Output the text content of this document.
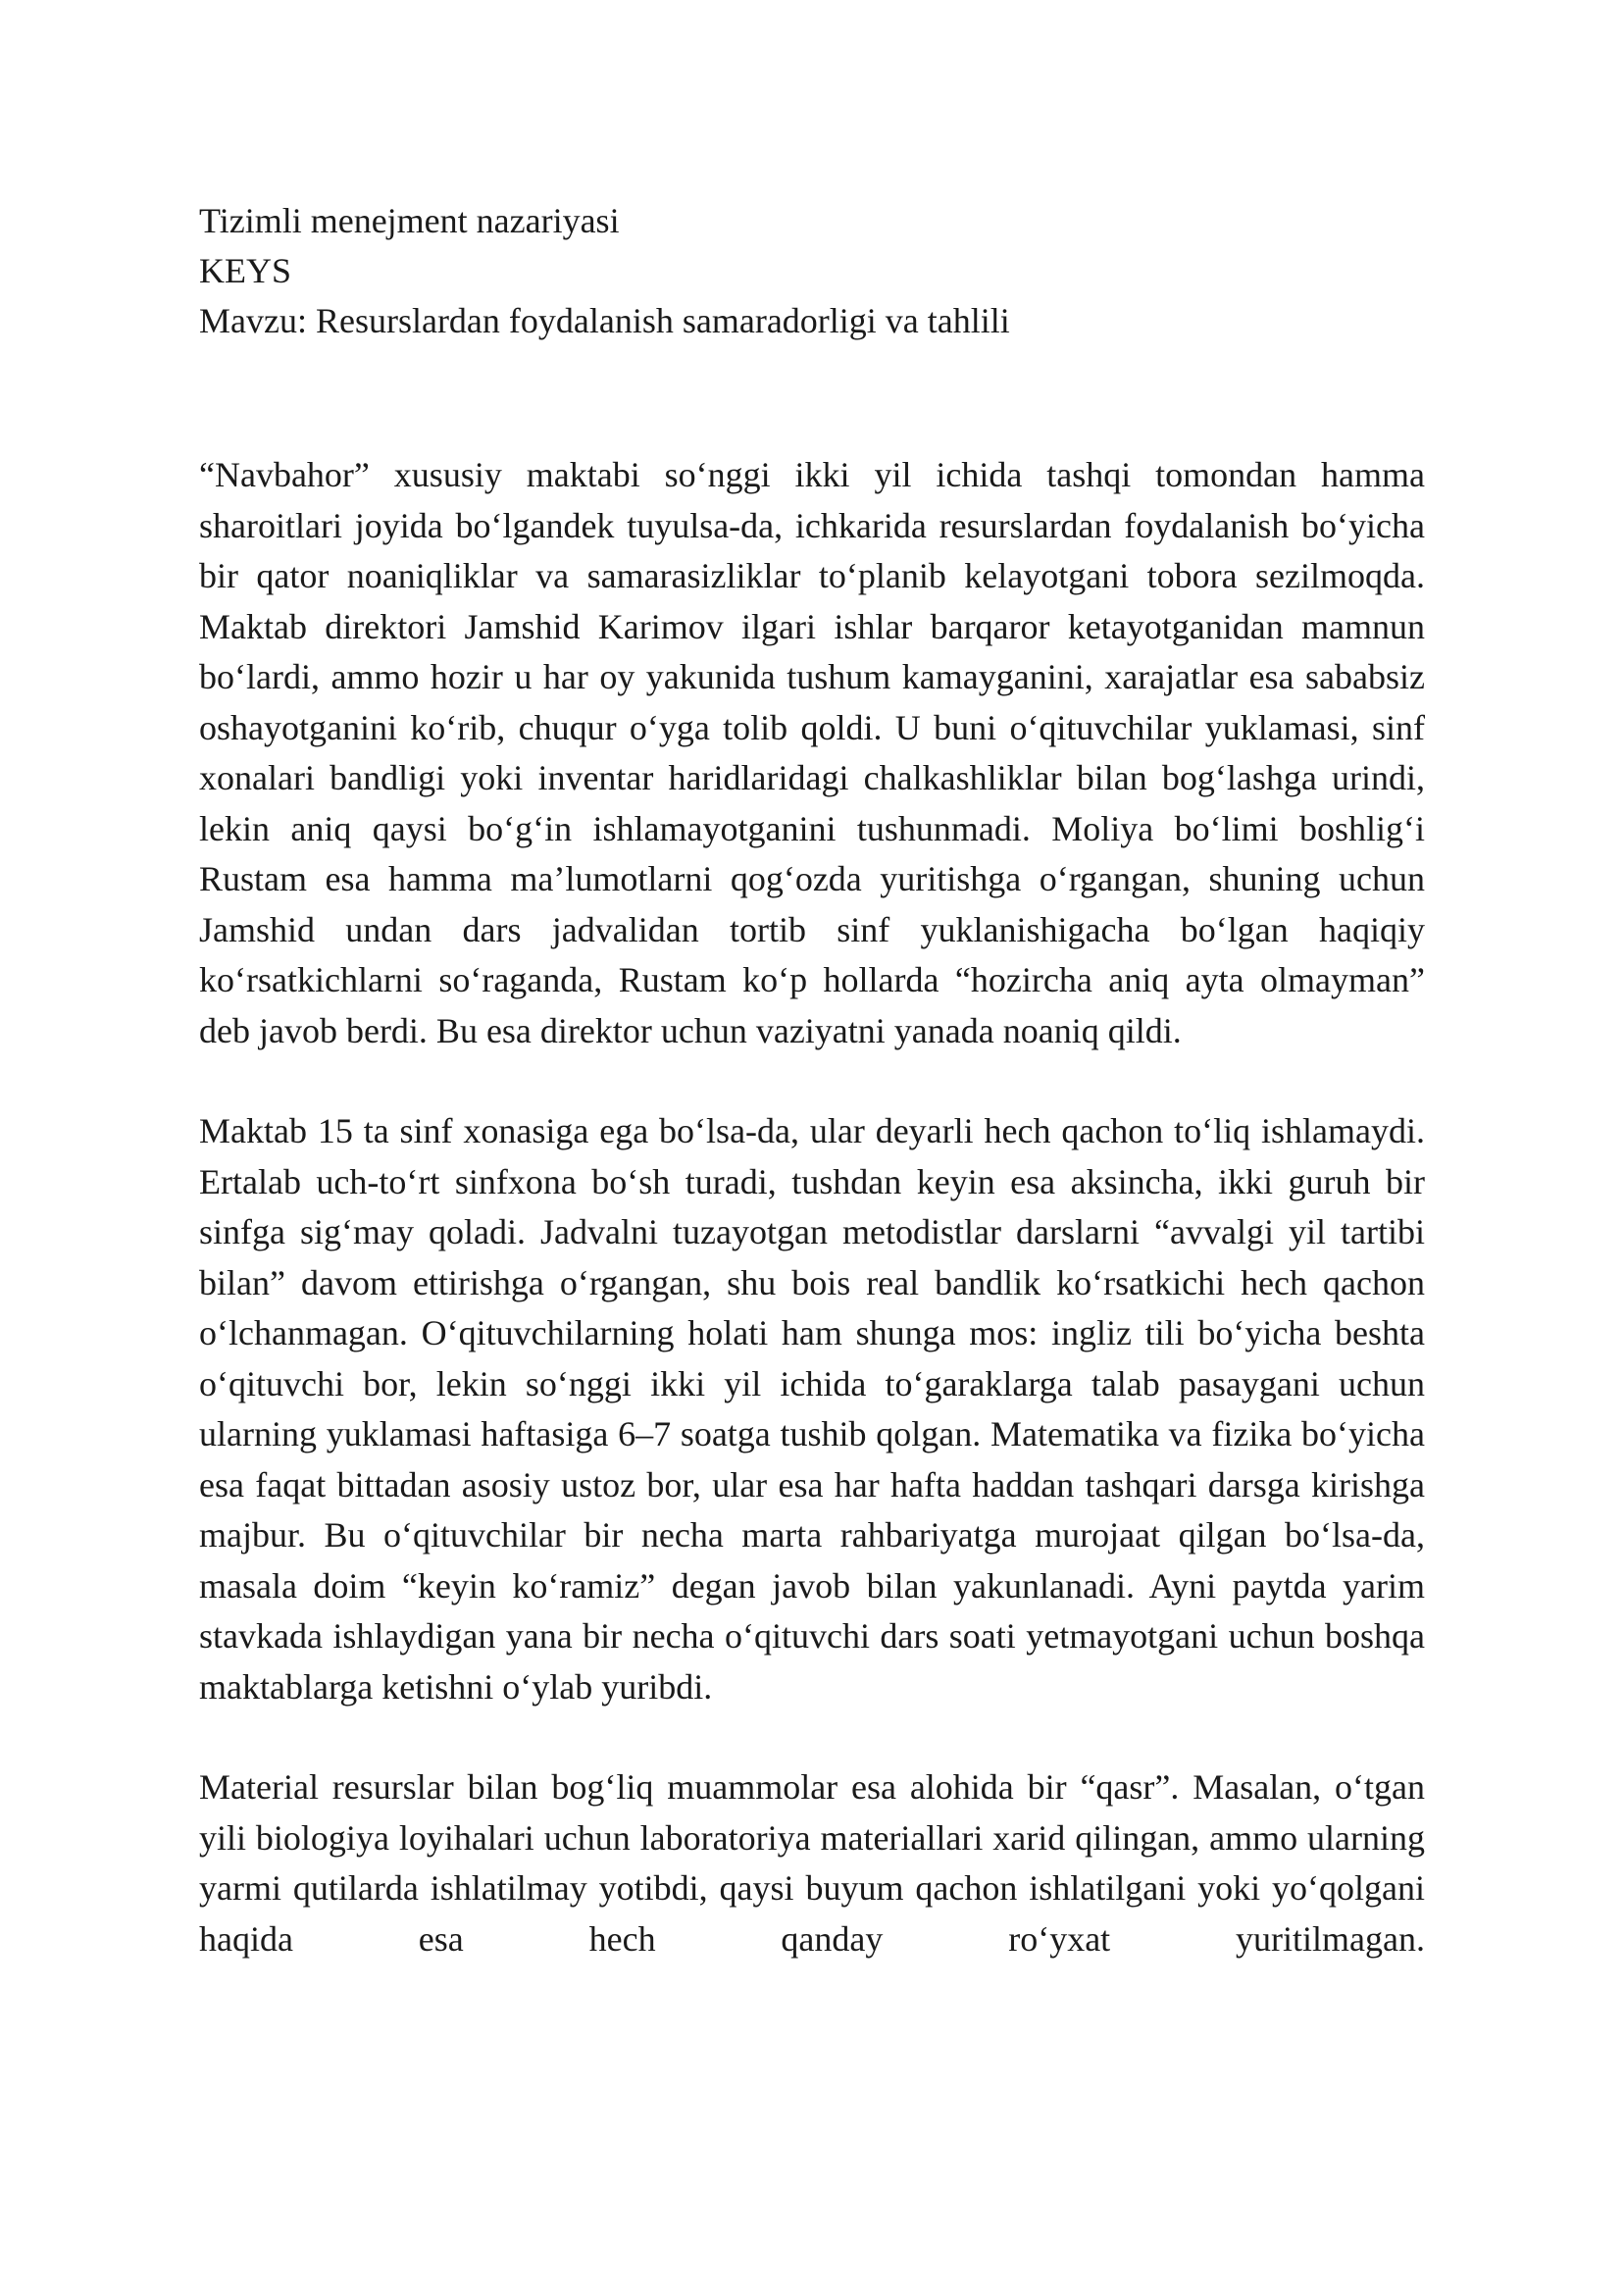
Tizimli menejment nazariyasi
KEYS
Mavzu: Resurslardan foydalanish samaradorligi va tahlili

“Navbahor” xususiy maktabi so‘nggi ikki yil ichida tashqi tomondan hamma sharoitlari joyida bo‘lgandek tuyulsa-da, ichkarida resurslardan foydalanish bo‘yicha bir qator noaniqliklar va samarasizliklar to‘planib kelayotgani tobora sezilmoqda. Maktab direktori Jamshid Karimov ilgari ishlar barqaror ketayotganidan mamnun bo‘lardi, ammo hozir u har oy yakunida tushum kamayganini, xarajatlar esa sababsiz oshayotganini ko‘rib, chuqur o‘yga tolib qoldi. U buni o‘qituvchilar yuklamasi, sinf xonalari bandligi yoki inventar haridlaridagi chalkashliklar bilan bog‘lashga urindi, lekin aniq qaysi bo‘g‘in ishlamayotganini tushunmadi. Moliya bo‘limi boshlig‘i Rustam esa hamma ma’lumotlarni qog‘ozda yuritishga o‘rgangan, shuning uchun Jamshid undan dars jadvalidan tortib sinf yuklanishigacha bo‘lgan haqiqiy ko‘rsatkichlarni so‘raganda, Rustam ko‘p hollarda “hozircha aniq ayta olmayman” deb javob berdi. Bu esa direktor uchun vaziyatni yanada noaniq qildi.

Maktab 15 ta sinf xonasiga ega bo‘lsa-da, ular deyarli hech qachon to‘liq ishlamaydi. Ertalab uch-to‘rt sinfxona bo‘sh turadi, tushdan keyin esa aksincha, ikki guruh bir sinfga sig‘may qoladi. Jadvalni tuzayotgan metodistlar darslarni “avvalgi yil tartibi bilan” davom ettirishga o‘rgangan, shu bois real bandlik ko‘rsatkichi hech qachon o‘lchanmagan. O‘qituvchilarning holati ham shunga mos: ingliz tili bo‘yicha beshta o‘qituvchi bor, lekin so‘nggi ikki yil ichida to‘garaklarga talab pasaygani uchun ularning yuklamasi haftasiga 6–7 soatga tushib qolgan. Matematika va fizika bo‘yicha esa faqat bittadan asosiy ustoz bor, ular esa har hafta haddan tashqari darsga kirishga majbur. Bu o‘qituvchilar bir necha marta rahbariyatga murojaat qilgan bo‘lsa-da, masala doim “keyin ko‘ramiz” degan javob bilan yakunlanadi. Ayni paytda yarim stavkada ishlaydigan yana bir necha o‘qituvchi dars soati yetmayotgani uchun boshqa maktablarga ketishni o‘ylab yuribdi.

Material resurslar bilan bog‘liq muammolar esa alohida bir “qasr”. Masalan, o‘tgan yili biologiya loyihalari uchun laboratoriya materiallari xarid qilingan, ammo ularning yarmi qutilarda ishlatilmay yotibdi, qaysi buyum qachon ishlatilgani yoki yo‘qolgani haqida esa hech qanday ro‘yxat yuritilmagan.
